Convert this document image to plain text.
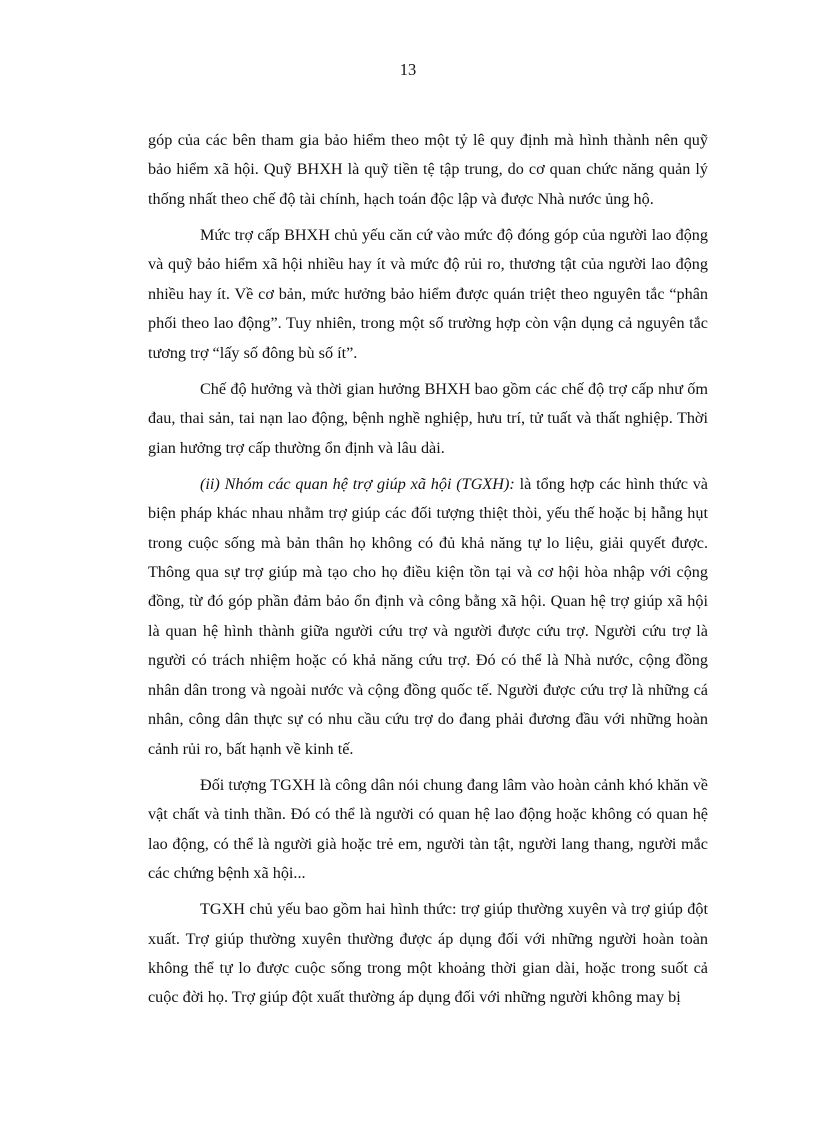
13

góp của các bên tham gia bảo hiểm theo một tỷ lê quy định mà hình thành nên quỹ bảo hiểm xã hội. Quỹ BHXH là quỹ tiền tệ tập trung, do cơ quan chức năng quản lý thống nhất theo chế độ tài chính, hạch toán độc lập và được Nhà nước ủng hộ.

Mức trợ cấp BHXH chủ yếu căn cứ vào mức độ đóng góp của người lao động và quỹ bảo hiểm xã hội nhiều hay ít và mức độ rủi ro, thương tật của người lao động nhiều hay ít. Về cơ bản, mức hưởng bảo hiểm được quán triệt theo nguyên tắc “phân phối theo lao động”. Tuy nhiên, trong một số trường hợp còn vận dụng cả nguyên tắc tương trợ “lấy số đông bù số ít”.

Chế độ hưởng và thời gian hưởng BHXH bao gồm các chế độ trợ cấp như ốm đau, thai sản, tai nạn lao động, bệnh nghề nghiệp, hưu trí, tử tuất và thất nghiệp. Thời gian hưởng trợ cấp thường ổn định và lâu dài.

(ii) Nhóm các quan hệ trợ giúp xã hội (TGXH): là tổng hợp các hình thức và biện pháp khác nhau nhằm trợ giúp các đối tượng thiệt thòi, yếu thế hoặc bị hẫng hụt trong cuộc sống mà bản thân họ không có đủ khả năng tự lo liệu, giải quyết được. Thông qua sự trợ giúp mà tạo cho họ điều kiện tồn tại và cơ hội hòa nhập với cộng đồng, từ đó góp phần đảm bảo ổn định và công bằng xã hội. Quan hệ trợ giúp xã hội là quan hệ hình thành giữa người cứu trợ và người được cứu trợ. Người cứu trợ là người có trách nhiệm hoặc có khả năng cứu trợ. Đó có thể là Nhà nước, cộng đồng nhân dân trong và ngoài nước và cộng đồng quốc tế. Người được cứu trợ là những cá nhân, công dân thực sự có nhu cầu cứu trợ do đang phải đương đầu với những hoàn cảnh rủi ro, bất hạnh về kinh tế.

Đối tượng TGXH là công dân nói chung đang lâm vào hoàn cảnh khó khăn về vật chất và tinh thần. Đó có thể là người có quan hệ lao động hoặc không có quan hệ lao động, có thể là người già hoặc trẻ em, người tàn tật, người lang thang, người mắc các chứng bệnh xã hội...

TGXH chủ yếu bao gồm hai hình thức: trợ giúp thường xuyên và trợ giúp đột xuất. Trợ giúp thường xuyên thường được áp dụng đối với những người hoàn toàn không thể tự lo được cuộc sống trong một khoảng thời gian dài, hoặc trong suốt cả cuộc đời họ. Trợ giúp đột xuất thường áp dụng đối với những người không may bị
